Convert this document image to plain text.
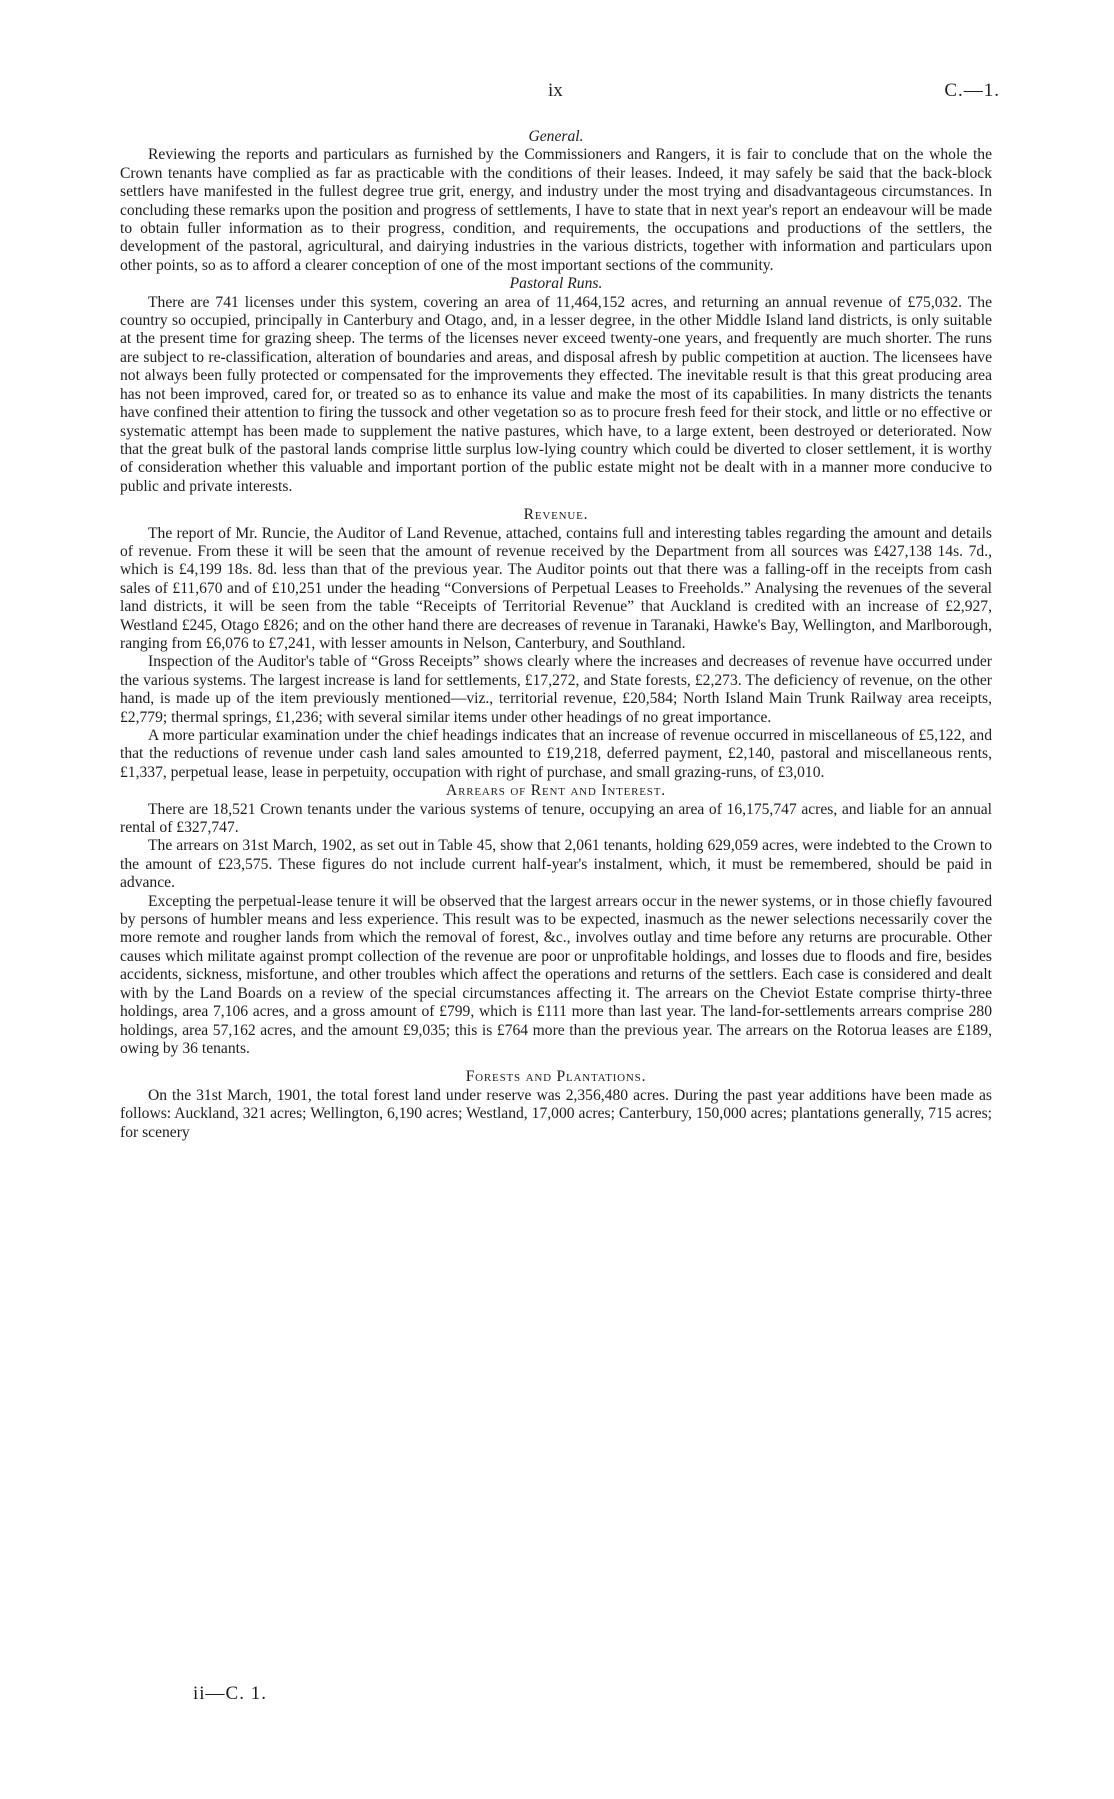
ix	C.—1.
General.

Reviewing the reports and particulars as furnished by the Commissioners and Rangers, it is fair to conclude that on the whole the Crown tenants have complied as far as practicable with the conditions of their leases. Indeed, it may safely be said that the back-block settlers have manifested in the fullest degree true grit, energy, and industry under the most trying and disadvantageous circumstances. In concluding these remarks upon the position and progress of settlements, I have to state that in next year's report an endeavour will be made to obtain fuller information as to their progress, condition, and requirements, the occupations and productions of the settlers, the development of the pastoral, agricultural, and dairying industries in the various districts, together with information and particulars upon other points, so as to afford a clearer conception of one of the most important sections of the community.

Pastoral Runs.

There are 741 licenses under this system, covering an area of 11,464,152 acres, and returning an annual revenue of £75,032. The country so occupied, principally in Canterbury and Otago, and, in a lesser degree, in the other Middle Island land districts, is only suitable at the present time for grazing sheep. The terms of the licenses never exceed twenty-one years, and frequently are much shorter. The runs are subject to re-classification, alteration of boundaries and areas, and disposal afresh by public competition at auction. The licensees have not always been fully protected or compensated for the improvements they effected. The inevitable result is that this great producing area has not been improved, cared for, or treated so as to enhance its value and make the most of its capabilities. In many districts the tenants have confined their attention to firing the tussock and other vegetation so as to procure fresh feed for their stock, and little or no effective or systematic attempt has been made to supplement the native pastures, which have, to a large extent, been destroyed or deteriorated. Now that the great bulk of the pastoral lands comprise little surplus low-lying country which could be diverted to closer settlement, it is worthy of consideration whether this valuable and important portion of the public estate might not be dealt with in a manner more conducive to public and private interests.

Revenue.

The report of Mr. Runcie, the Auditor of Land Revenue, attached, contains full and interesting tables regarding the amount and details of revenue. From these it will be seen that the amount of revenue received by the Department from all sources was £427,138 14s. 7d., which is £4,199 18s. 8d. less than that of the previous year. The Auditor points out that there was a falling-off in the receipts from cash sales of £11,670 and of £10,251 under the heading “Conversions of Perpetual Leases to Freeholds.” Analysing the revenues of the several land districts, it will be seen from the table “Receipts of Territorial Revenue” that Auckland is credited with an increase of £2,927, Westland £245, Otago £826; and on the other hand there are decreases of revenue in Taranaki, Hawke's Bay, Wellington, and Marlborough, ranging from £6,076 to £7,241, with lesser amounts in Nelson, Canterbury, and Southland.

Inspection of the Auditor's table of “Gross Receipts” shows clearly where the increases and decreases of revenue have occurred under the various systems. The largest increase is land for settlements, £17,272, and State forests, £2,273. The deficiency of revenue, on the other hand, is made up of the item previously mentioned—viz., territorial revenue, £20,584; North Island Main Trunk Railway area receipts, £2,779; thermal springs, £1,236; with several similar items under other headings of no great importance.

A more particular examination under the chief headings indicates that an increase of revenue occurred in miscellaneous of £5,122, and that the reductions of revenue under cash land sales amounted to £19,218, deferred payment, £2,140, pastoral and miscellaneous rents, £1,337, perpetual lease, lease in perpetuity, occupation with right of purchase, and small grazing-runs, of £3,010.

Arrears of Rent and Interest.

There are 18,521 Crown tenants under the various systems of tenure, occupying an area of 16,175,747 acres, and liable for an annual rental of £327,747.

The arrears on 31st March, 1902, as set out in Table 45, show that 2,061 tenants, holding 629,059 acres, were indebted to the Crown to the amount of £23,575. These figures do not include current half-year's instalment, which, it must be remembered, should be paid in advance.

Excepting the perpetual-lease tenure it will be observed that the largest arrears occur in the newer systems, or in those chiefly favoured by persons of humbler means and less experience. This result was to be expected, inasmuch as the newer selections necessarily cover the more remote and rougher lands from which the removal of forest, &c., involves outlay and time before any returns are procurable. Other causes which militate against prompt collection of the revenue are poor or unprofitable holdings, and losses due to floods and fire, besides accidents, sickness, misfortune, and other troubles which affect the operations and returns of the settlers. Each case is considered and dealt with by the Land Boards on a review of the special circumstances affecting it. The arrears on the Cheviot Estate comprise thirty-three holdings, area 7,106 acres, and a gross amount of £799, which is £111 more than last year. The land-for-settlements arrears comprise 280 holdings, area 57,162 acres, and the amount £9,035; this is £764 more than the previous year. The arrears on the Rotorua leases are £189, owing by 36 tenants.

Forests and Plantations.

On the 31st March, 1901, the total forest land under reserve was 2,356,480 acres. During the past year additions have been made as follows: Auckland, 321 acres; Wellington, 6,190 acres; Westland, 17,000 acres; Canterbury, 150,000 acres; plantations generally, 715 acres; for scenery

ii—C. 1.
